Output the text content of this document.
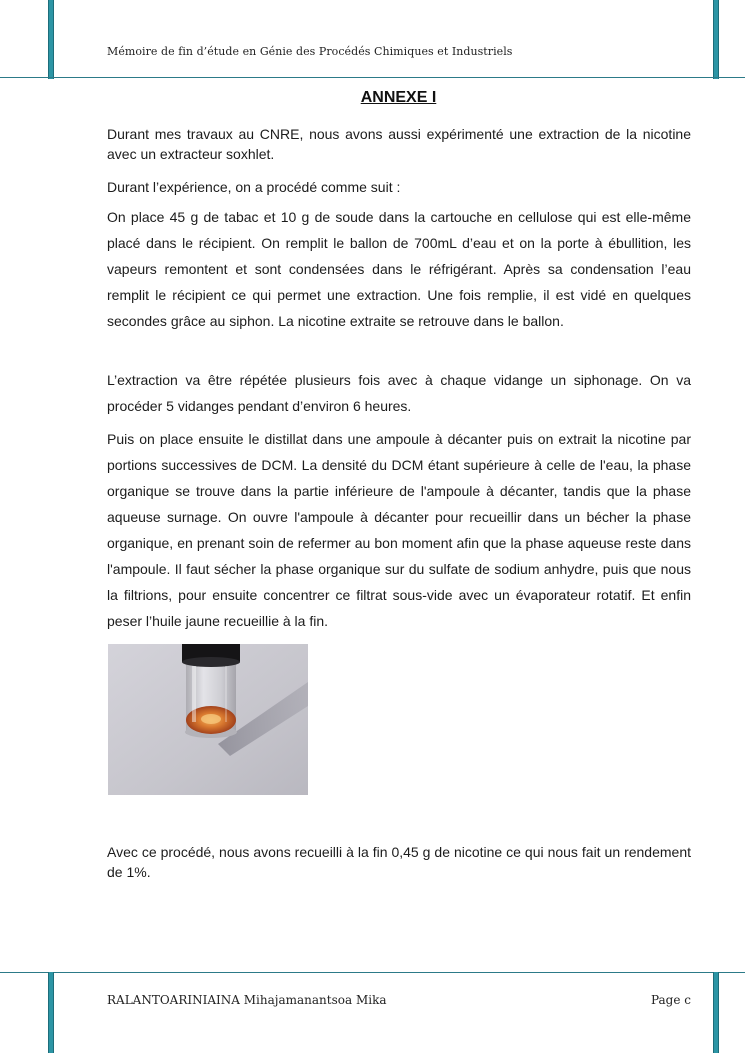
Mémoire de fin d’étude en Génie des Procédés Chimiques et Industriels
ANNEXE I
Durant mes travaux au CNRE, nous avons aussi expérimenté une extraction de la nicotine avec un extracteur soxhlet.
Durant l’expérience, on a procédé comme suit :
On place 45 g de tabac et 10 g de soude dans la cartouche en cellulose qui est elle-même placé dans le récipient. On remplit le ballon de 700mL d’eau et on la porte à ébullition, les vapeurs remontent et sont condensées dans le réfrigérant. Après sa condensation l’eau remplit le récipient ce qui permet une extraction. Une fois remplie, il est vidé en quelques secondes grâce au siphon. La nicotine extraite se retrouve dans le ballon.
L’extraction va être répétée plusieurs fois avec à chaque vidange un siphonage. On va procéder 5 vidanges pendant d’environ 6 heures.
Puis on place ensuite le distillat dans une ampoule à décanter puis on extrait la nicotine par portions successives de DCM. La densité du DCM étant supérieure à celle de l'eau, la phase organique se trouve dans la partie inférieure de l'ampoule à décanter, tandis que la phase aqueuse surnage. On ouvre l'ampoule à décanter pour recueillir dans un bécher la phase organique, en prenant soin de refermer au bon moment afin que la phase aqueuse reste dans l'ampoule. Il faut sécher la phase organique sur du sulfate de sodium anhydre, puis que nous la filtrions, pour ensuite concentrer ce filtrat sous-vide avec un évaporateur rotatif. Et enfin peser l’huile jaune recueillie à la fin.
Avec ce procédé, nous avons recueilli à la fin 0,45 g de nicotine ce qui nous fait un rendement de 1%.
RALANTOARINIAINA Mihajamanantsoa Mika	Page c
